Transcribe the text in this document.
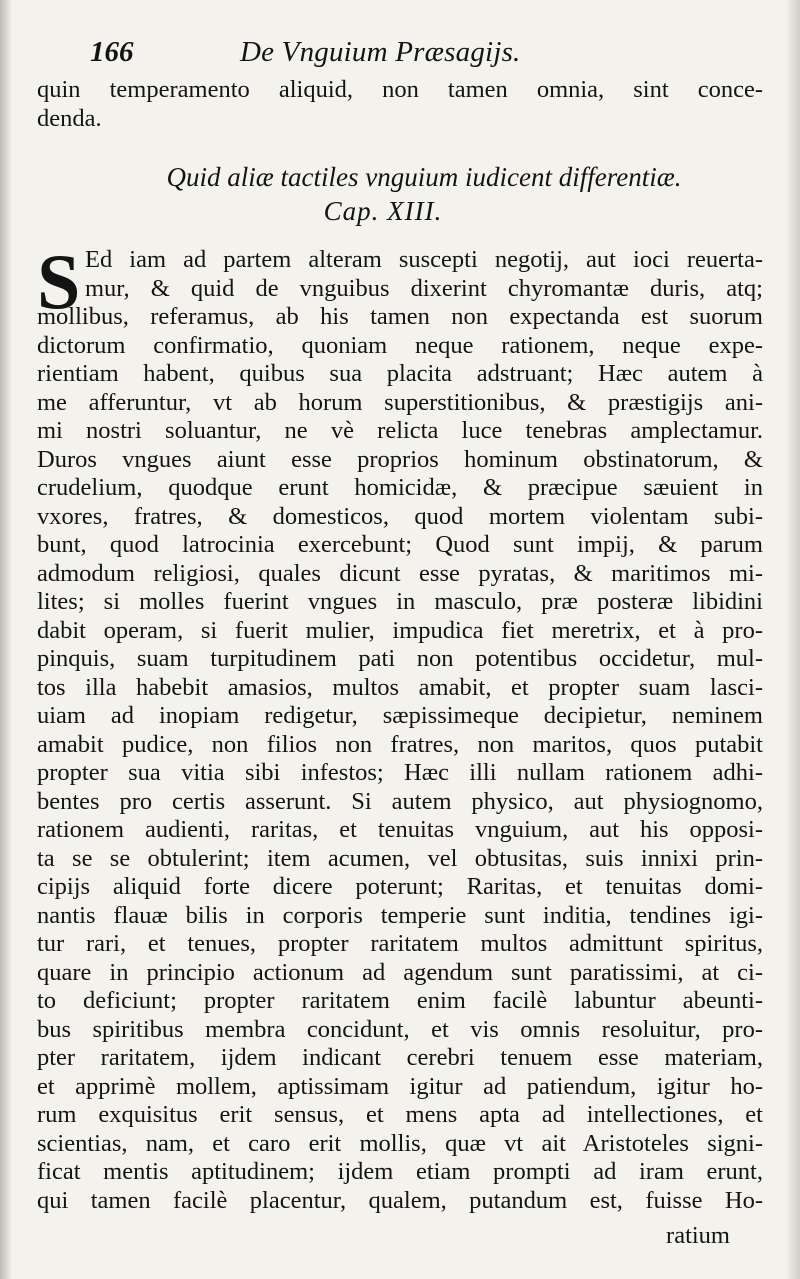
166	De Vnguium Præsagijs.
quin temperamento aliquid, non tamen omnia, sint conce-
denda.
Quid aliæ tactiles vnguium iudicent differentiæ.
Cap. XIII.
S Ed iam ad partem alteram suscepti negotij, aut ioci reuerta-
mur, & quid de vnguibus dixerint chyromantæ duris, atq;
mollibus, referamus, ab his tamen non expectanda est suorum
dictorum confirmatio, quoniam neque rationem, neque expe-
rientiam habent, quibus sua placita adstruant; Hæc autem à
me afferuntur, vt ab horum superstitionibus, & præstigijs ani-
mi nostri soluantur, ne vè relicta luce tenebras amplectamur.
Duros vngues aiunt esse proprios hominum obstinatorum, &
crudelium, quodque erunt homicidæ, & præcipue sæuient in
vxores, fratres, & domesticos, quod mortem violentam subi-
bunt, quod latrocinia exercebunt; Quod sunt impij, & parum
admodum religiosi, quales dicunt esse pyratas, & maritimos mi-
lites; si molles fuerint vngues in masculo, præ posteræ libidini
dabit operam, si fuerit mulier, impudica fiet meretrix, et à pro-
pinquis, suam turpitudinem pati non potentibus occidetur, mul-
tos illa habebit amasios, multos amabit, et propter suam lasci-
uiam ad inopiam redigetur, sæpissimeque decipietur, neminem
amabit pudice, non filios non fratres, non maritos, quos putabit
propter sua vitia sibi infestos; Hæc illi nullam rationem adhi-
bentes pro certis asserunt. Si autem physico, aut physiognomo,
rationem audienti, raritas, et tenuitas vnguium, aut his opposi-
ta se se obtulerint; item acumen, vel obtusitas, suis innixi prin-
cipijs aliquid forte dicere poterunt; Raritas, et tenuitas domi-
nantis flauæ bilis in corporis temperie sunt inditia, tendines igi-
tur rari, et tenues, propter raritatem multos admittunt spiritus,
quare in principio actionum ad agendum sunt paratissimi, at ci-
to deficiunt; propter raritatem enim facilè labuntur abeunti-
bus spiritibus membra concidunt, et vis omnis resoluitur, pro-
pter raritatem, ijdem indicant cerebri tenuem esse materiam,
et apprimè mollem, aptissimam igitur ad patiendum, igitur ho-
rum exquisitus erit sensus, et mens apta ad intellectiones, et
scientias, nam, et caro erit mollis, quæ vt ait Aristoteles signi-
ficat mentis aptitudinem; ijdem etiam prompti ad iram erunt,
qui tamen facilè placentur, qualem, putandum est, fuisse Ho-
ratium
